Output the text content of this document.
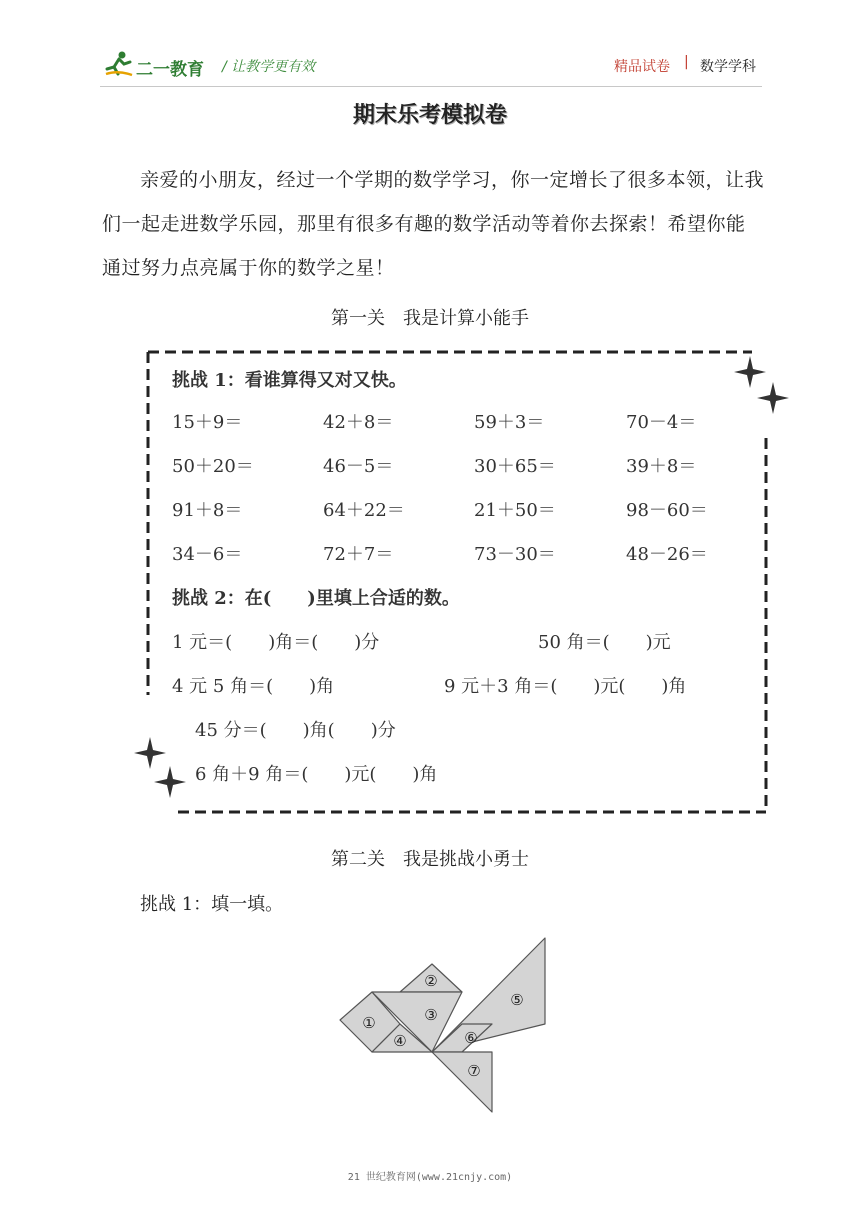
二一教育 / 让教学更有效	精品试卷 | 数学学科
期末乐考模拟卷
亲爱的小朋友，经过一个学期的数学学习，你一定增长了很多本领，让我们一起走进数学乐园，那里有很多有趣的数学活动等着你去探索！希望你能通过努力点亮属于你的数学之星！
第一关　我是计算小能手
挑战 1：看谁算得又对又快。
15＋9＝	42＋8＝	59＋3＝	70－4＝
50＋20＝	46－5＝	30＋65＝	39＋8＝
91＋8＝	64＋22＝	21＋50＝	98－60＝
34－6＝	72＋7＝	73－30＝	48－26＝
挑战 2：在(　　)里填上合适的数。
1 元＝(　　)角＝(　　)分	50 角＝(　　)元
4 元 5 角＝(　　)角	9 元＋3 角＝(　　)元(　　)角
45 分＝(　　)角(　　)分
6 角＋9 角＝(　　)元(　　)角
第二关　我是挑战小勇士
挑战 1：填一填。
①
②
③
④
⑤
⑥
⑦
21 世纪教育网(www.21cnjy.com)
